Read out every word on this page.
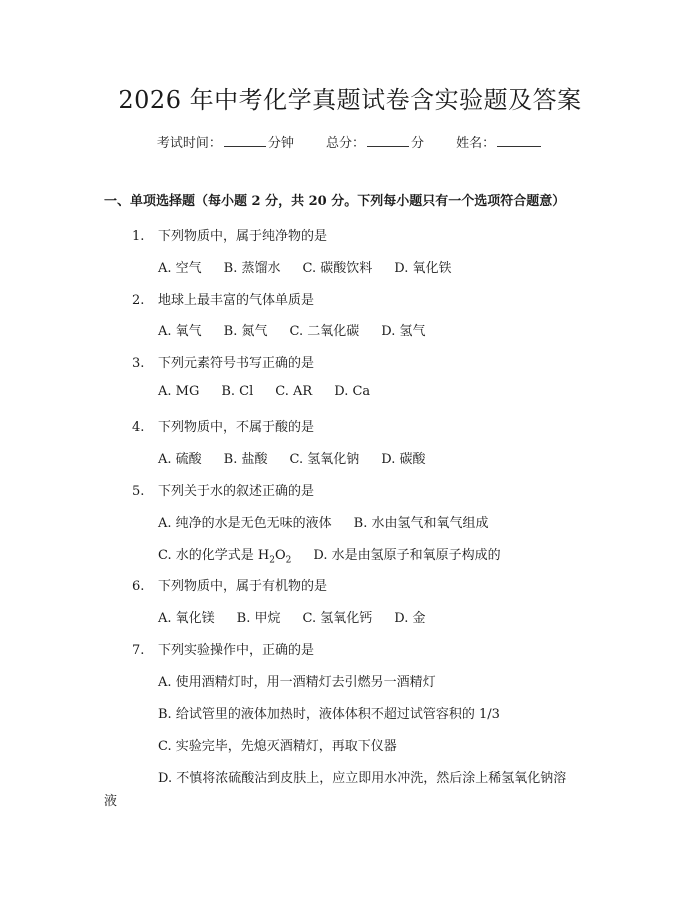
2026 年中考化学真题试卷含实验题及答案
考试时间：	分钟 总分：	分 姓名：
一、单项选择题（每小题 2 分，共 20 分。下列每小题只有一个选项符合题意）
1. 下列物质中，属于纯净物的是
A. 空气 B. 蒸馏水 C. 碳酸饮料 D. 氧化铁
2. 地球上最丰富的气体单质是
A. 氧气 B. 氮气 C. 二氧化碳 D. 氢气
3. 下列元素符号书写正确的是
A. MG B. Cl C. AR D. Ca
4. 下列物质中，不属于酸的是
A. 硫酸 B. 盐酸 C. 氢氧化钠 D. 碳酸
5. 下列关于水的叙述正确的是
A. 纯净的水是无色无味的液体 B. 水由氢气和氧气组成
C. 水的化学式是 $H_2O_2$ D. 水是由氢原子和氧原子构成的
6. 下列物质中，属于有机物的是
A. 氧化镁 B. 甲烷 C. 氢氧化钙 D. 金
7. 下列实验操作中，正确的是
A. 使用酒精灯时，用一酒精灯去引燃另一酒精灯
B. 给试管里的液体加热时，液体体积不超过试管容积的 1/3
C. 实验完毕，先熄灭酒精灯，再取下仪器
D. 不慎将浓硫酸沾到皮肤上，应立即用水冲洗，然后涂上稀氢氧化钠溶
液
